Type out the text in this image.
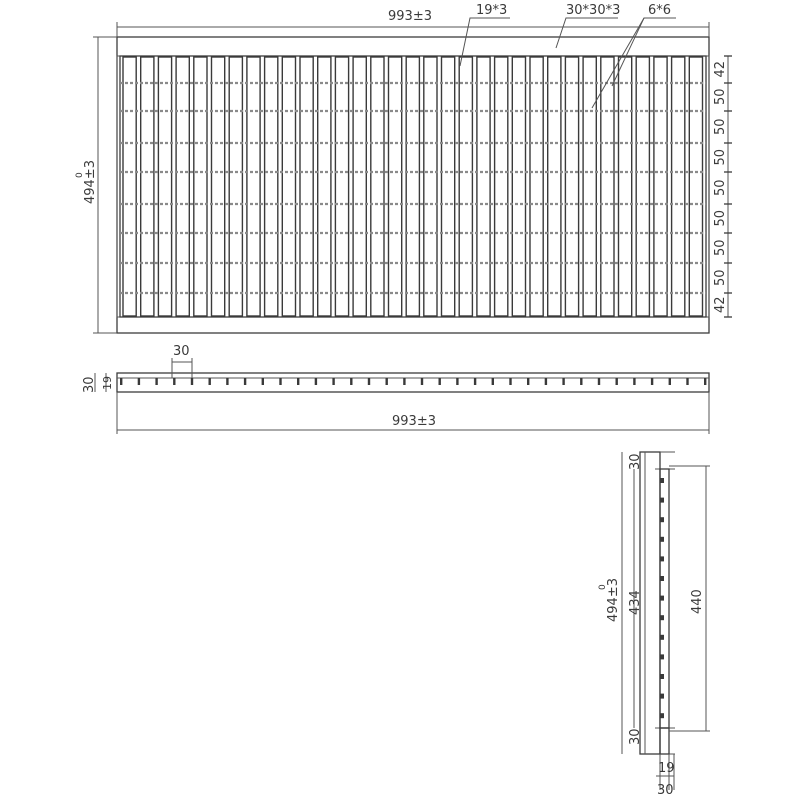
993±3	19*3	30*30*3 6*6
494±3
0
42
50
50
50
50
50
50
50
42
30
30 19
993±3
494±3
0
434
30
30
440
19
30
